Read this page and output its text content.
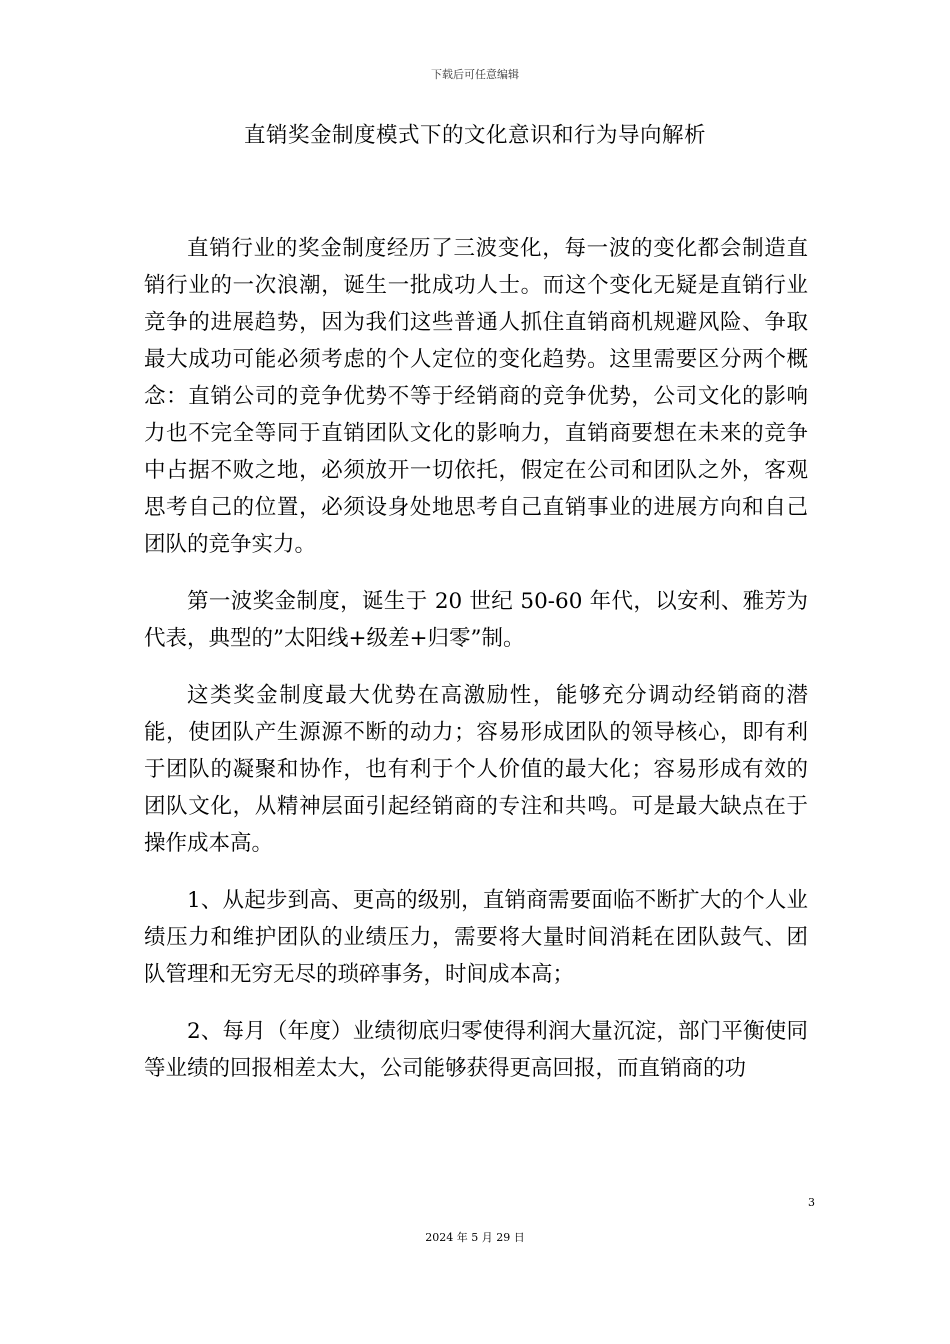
下载后可任意编辑
直销奖金制度模式下的文化意识和行为导向解析

直销行业的奖金制度经历了三波变化，每一波的变化都会制造直销行业的一次浪潮，诞生一批成功人士。而这个变化无疑是直销行业竞争的进展趋势，因为我们这些普通人抓住直销商机规避风险、争取最大成功可能必须考虑的个人定位的变化趋势。这里需要区分两个概念：直销公司的竞争优势不等于经销商的竞争优势，公司文化的影响力也不完全等同于直销团队文化的影响力，直销商要想在未来的竞争中占据不败之地，必须放开一切依托，假定在公司和团队之外，客观思考自己的位置，必须设身处地思考自己直销事业的进展方向和自己团队的竞争实力。

第一波奖金制度，诞生于 20 世纪 50-60 年代，以安利、雅芳为代表，典型的”太阳线+级差+归零”制。

这类奖金制度最大优势在高激励性，能够充分调动经销商的潜能，使团队产生源源不断的动力；容易形成团队的领导核心，即有利于团队的凝聚和协作，也有利于个人价值的最大化；容易形成有效的团队文化，从精神层面引起经销商的专注和共鸣。可是最大缺点在于操作成本高。

1、从起步到高、更高的级别，直销商需要面临不断扩大的个人业绩压力和维护团队的业绩压力，需要将大量时间消耗在团队鼓气、团队管理和无穷无尽的琐碎事务，时间成本高；

2、每月（年度）业绩彻底归零使得利润大量沉淀，部门平衡使同等业绩的回报相差太大，公司能够获得更高回报，而直销商的功

3
2024 年 5 月 29 日
